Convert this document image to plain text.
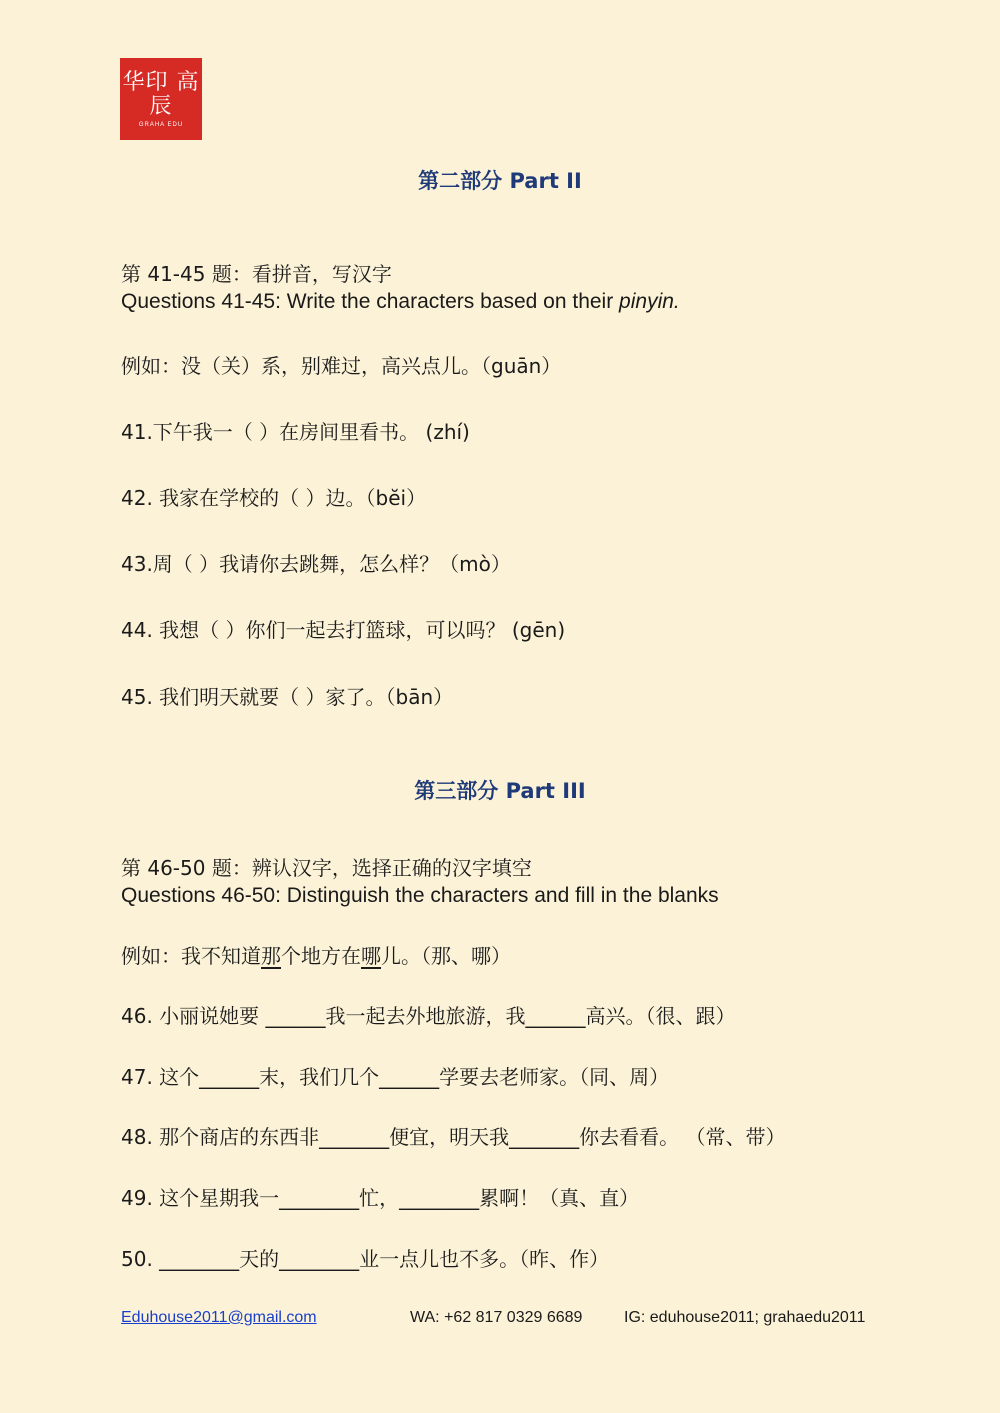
华印 高辰
GRAHA EDU
第二部分 Part II
第 41-45 题：看拼音，写汉字
Questions 41-45: Write the characters based on their pinyin.
例如：没（关）系，别难过，高兴点儿。（guān）
41.下午我一（ ）在房间里看书。 (zhí)
42. 我家在学校的（ ）边。（bĕi）
43.周（ ）我请你去跳舞，怎么样？（mò）
44. 我想（ ）你们一起去打篮球，可以吗？ (gēn)
45. 我们明天就要（ ）家了。（bān）
第三部分 Part III
第 46-50 题：辨认汉字，选择正确的汉字填空
Questions 46-50: Distinguish the characters and fill in the blanks
例如：我不知道那个地方在哪儿。（那、哪）
46. 小丽说她要 ______我一起去外地旅游，我______高兴。（很、跟）
47. 这个______末，我们几个______学要去老师家。（同、周）
48. 那个商店的东西非_______便宜，明天我_______你去看看。 （常、带）
49. 这个星期我一________忙，________累啊！（真、直）
50. ________天的________业一点儿也不多。（昨、作）
Eduhouse2011@gmail.com	WA: +62 817 0329 6689	IG: eduhouse2011; grahaedu2011
